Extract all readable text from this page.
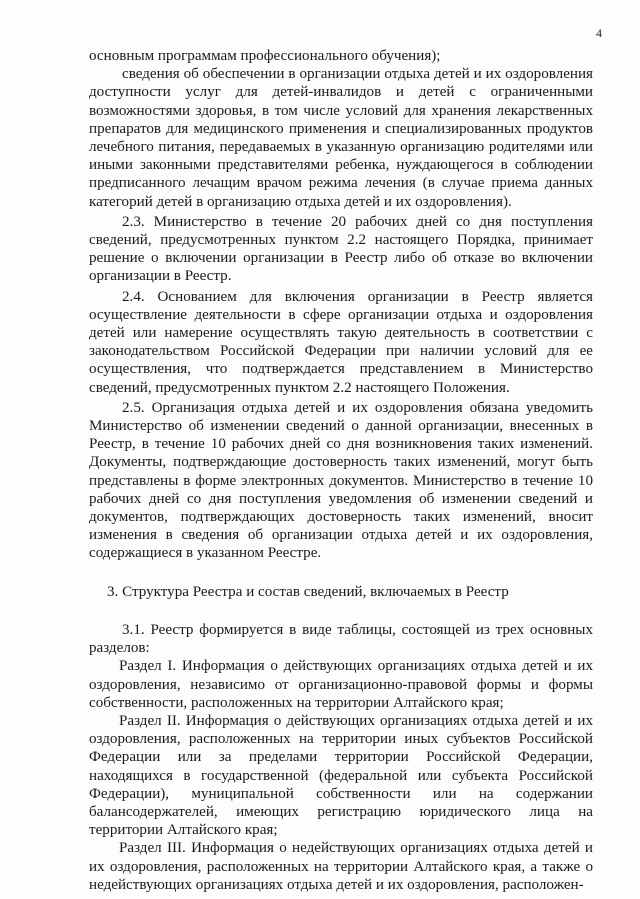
4

основным программам профессионального обучения);

сведения об обеспечении в организации отдыха детей и их оздоровления доступности услуг для детей-инвалидов и детей с ограниченными возможностями здоровья, в том числе условий для хранения лекарственных препаратов для медицинского применения и специализированных продуктов лечебного питания, передаваемых в указанную организацию родителями или иными законными представителями ребенка, нуждающегося в соблюдении предписанного лечащим врачом режима лечения (в случае приема данных категорий детей в организацию отдыха детей и их оздоровления).

2.3. Министерство в течение 20 рабочих дней со дня поступления сведений, предусмотренных пунктом 2.2 настоящего Порядка, принимает решение о включении организации в Реестр либо об отказе во включении организации в Реестр.

2.4. Основанием для включения организации в Реестр является осуществление деятельности в сфере организации отдыха и оздоровления детей или намерение осуществлять такую деятельность в соответствии с законодательством Российской Федерации при наличии условий для ее осуществления, что подтверждается представлением в Министерство сведений, предусмотренных пунктом 2.2 настоящего Положения.

2.5. Организация отдыха детей и их оздоровления обязана уведомить Министерство об изменении сведений о данной организации, внесенных в Реестр, в течение 10 рабочих дней со дня возникновения таких изменений. Документы, подтверждающие достоверность таких изменений, могут быть представлены в форме электронных документов. Министерство в течение 10 рабочих дней со дня поступления уведомления об изменении сведений и документов, подтверждающих достоверность таких изменений, вносит изменения в сведения об организации отдыха детей и их оздоровления, содержащиеся в указанном Реестре.

3. Структура Реестра и состав сведений, включаемых в Реестр

3.1. Реестр формируется в виде таблицы, состоящей из трех основных разделов:

Раздел I. Информация о действующих организациях отдыха детей и их оздоровления, независимо от организационно-правовой формы и формы собственности, расположенных на территории Алтайского края;

Раздел II. Информация о действующих организациях отдыха детей и их оздоровления, расположенных на территории иных субъектов Российской Федерации или за пределами территории Российской Федерации, находящихся в государственной (федеральной или субъекта Российской Федерации), муниципальной собственности или на содержании балансодержателей, имеющих регистрацию юридического лица на территории Алтайского края;

Раздел III. Информация о недействующих организациях отдыха детей и их оздоровления, расположенных на территории Алтайского края, а также о недействующих организациях отдыха детей и их оздоровления, расположен-
